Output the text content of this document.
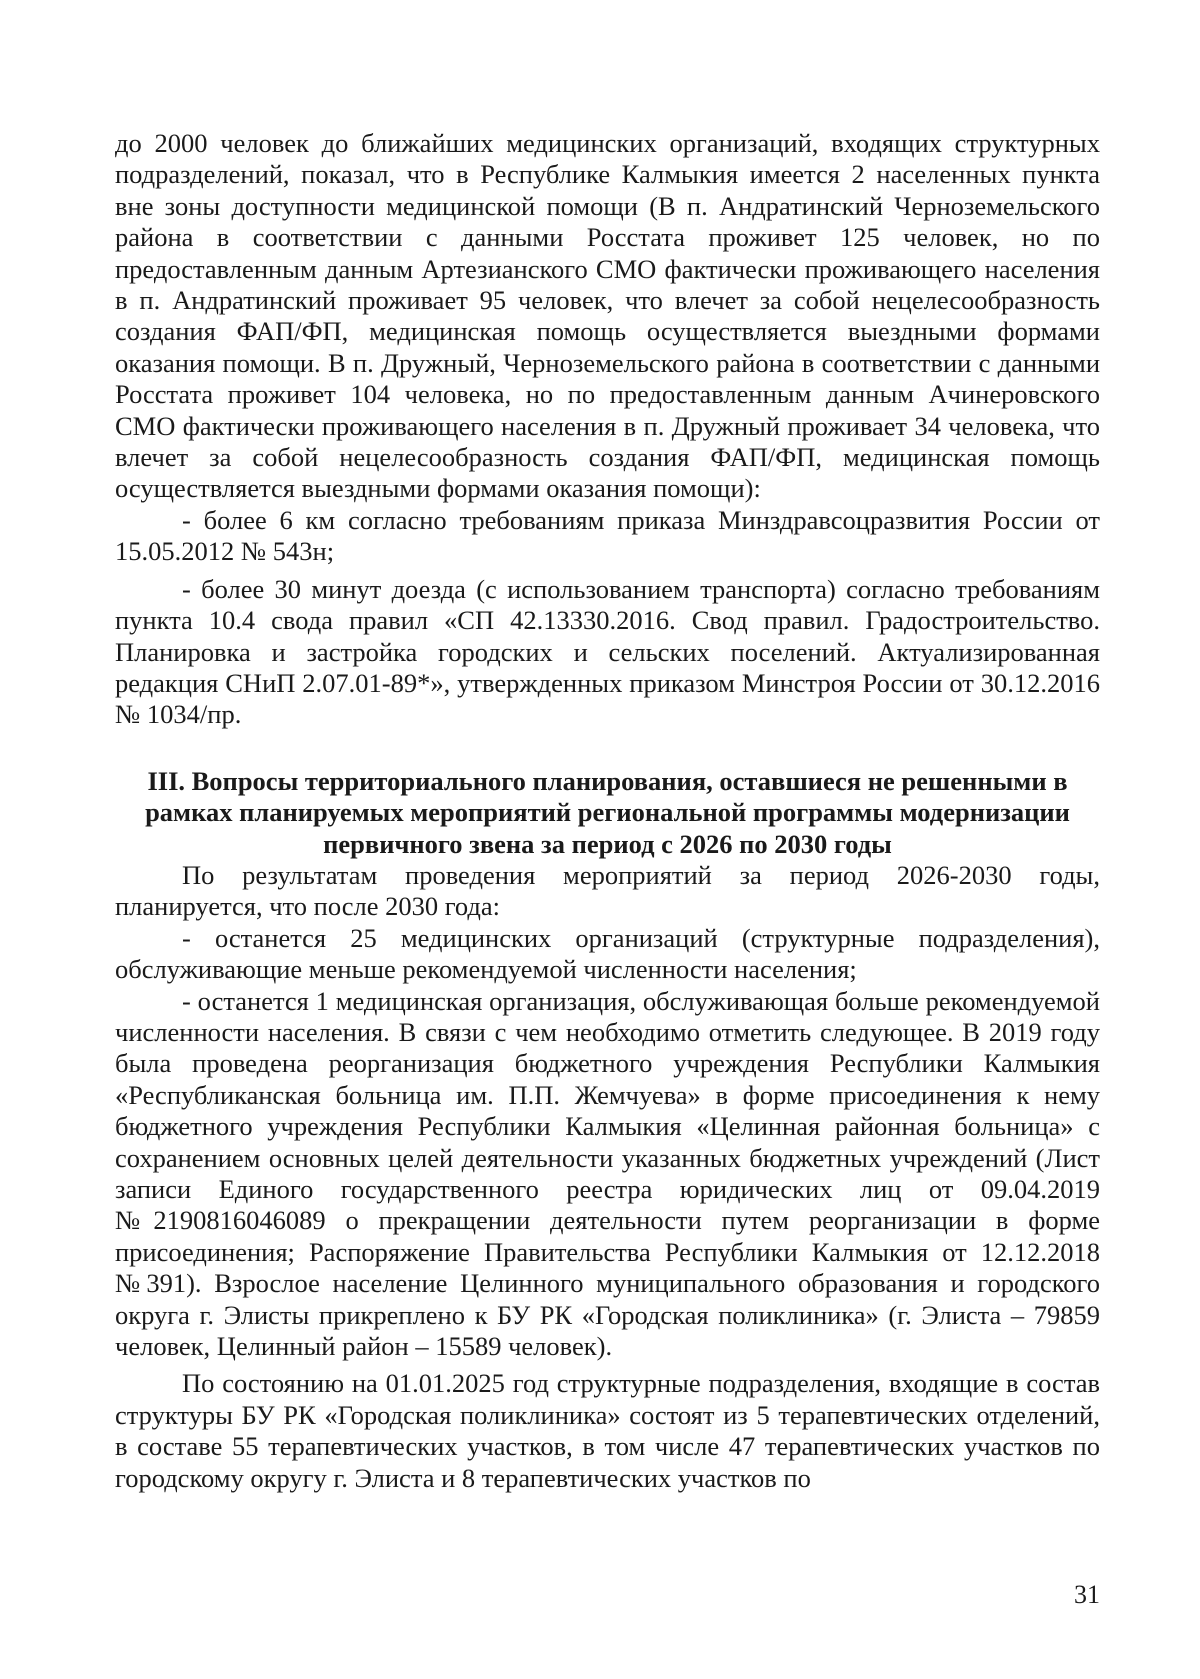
до 2000 человек до ближайших медицинских организаций, входящих структурных подразделений, показал, что в Республике Калмыкия имеется 2 населенных пункта вне зоны доступности медицинской помощи (В п. Андратинский Черноземельского района в соответствии с данными Росстата проживет 125 человек, но по предоставленным данным Артезианского СМО фактически проживающего населения в п. Андратинский проживает 95 человек, что влечет за собой нецелесообразность создания ФАП/ФП, медицинская помощь осуществляется выездными формами оказания помощи. В п. Дружный, Черноземельского района в соответствии с данными Росстата проживет 104 человека, но по предоставленным данным Ачинеровского СМО фактически проживающего населения в п. Дружный проживает 34 человека, что влечет за собой нецелесообразность создания ФАП/ФП, медицинская помощь осуществляется выездными формами оказания помощи):

- более 6 км согласно требованиям приказа Минздравсоцразвития России от 15.05.2012 № 543н;

- более 30 минут доезда (с использованием транспорта) согласно требованиям пункта 10.4 свода правил «СП 42.13330.2016. Свод правил. Градостроительство. Планировка и застройка городских и сельских поселений. Актуализированная редакция СНиП 2.07.01-89*», утвержденных приказом Минстроя России от 30.12.2016 № 1034/пр.

III. Вопросы территориального планирования, оставшиеся не решенными в рамках планируемых мероприятий региональной программы модернизации первичного звена за период с 2026 по 2030 годы

По результатам проведения мероприятий за период 2026-2030 годы, планируется, что после 2030 года:

- останется 25 медицинских организаций (структурные подразделения), обслуживающие меньше рекомендуемой численности населения;

- останется 1 медицинская организация, обслуживающая больше рекомендуемой численности населения. В связи с чем необходимо отметить следующее. В 2019 году была проведена реорганизация бюджетного учреждения Республики Калмыкия «Республиканская больница им. П.П. Жемчуева» в форме присоединения к нему бюджетного учреждения Республики Калмыкия «Целинная районная больница» с сохранением основных целей деятельности указанных бюджетных учреждений (Лист записи Единого государственного реестра юридических лиц от 09.04.2019 №2190816046089 о прекращении деятельности путем реорганизации в форме присоединения; Распоряжение Правительства Республики Калмыкия от 12.12.2018 №391). Взрослое население Целинного муниципального образования и городского округа г. Элисты прикреплено к БУ РК «Городская поликлиника» (г. Элиста – 79859 человек, Целинный район – 15589 человек).

По состоянию на 01.01.2025 год структурные подразделения, входящие в состав структуры БУ РК «Городская поликлиника» состоят из 5 терапевтических отделений, в составе 55 терапевтических участков, в том числе 47 терапевтических участков по городскому округу г. Элиста и 8 терапевтических участков по

31
